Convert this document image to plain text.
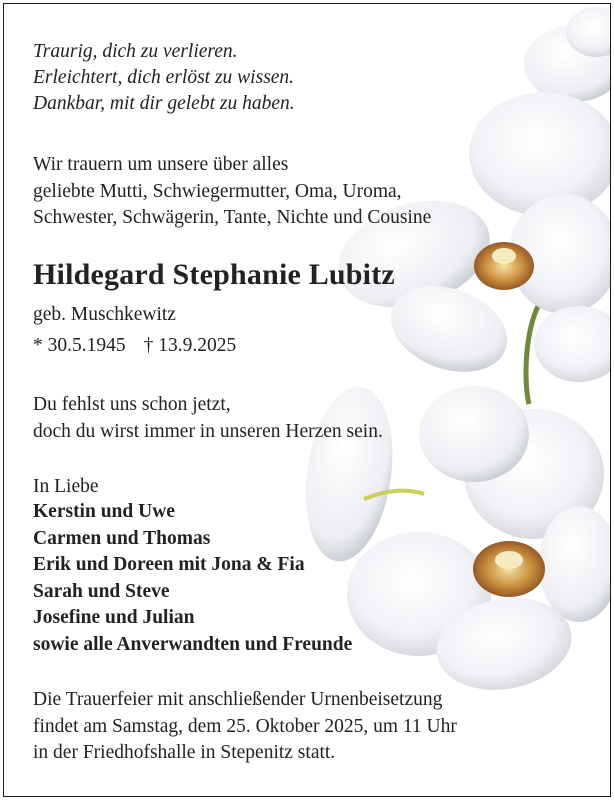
Traurig, dich zu verlieren.
Erleichtert, dich erlöst zu wissen.
Dankbar, mit dir gelebt zu haben.

Wir trauern um unsere über alles
geliebte Mutti, Schwiegermutter, Oma, Uroma,
Schwester, Schwägerin, Tante, Nichte und Cousine

Hildegard Stephanie Lubitz

geb. Muschkewitz

* 30.5.1945 † 13.9.2025

Du fehlst uns schon jetzt,
doch du wirst immer in unseren Herzen sein.

In Liebe

Kerstin und Uwe
Carmen und Thomas
Erik und Doreen mit Jona & Fia
Sarah und Steve
Josefine und Julian
sowie alle Anverwandten und Freunde

Die Trauerfeier mit anschließender Urnenbeisetzung
findet am Samstag, dem 25. Oktober 2025, um 11 Uhr
in der Friedhofshalle in Stepenitz statt.
